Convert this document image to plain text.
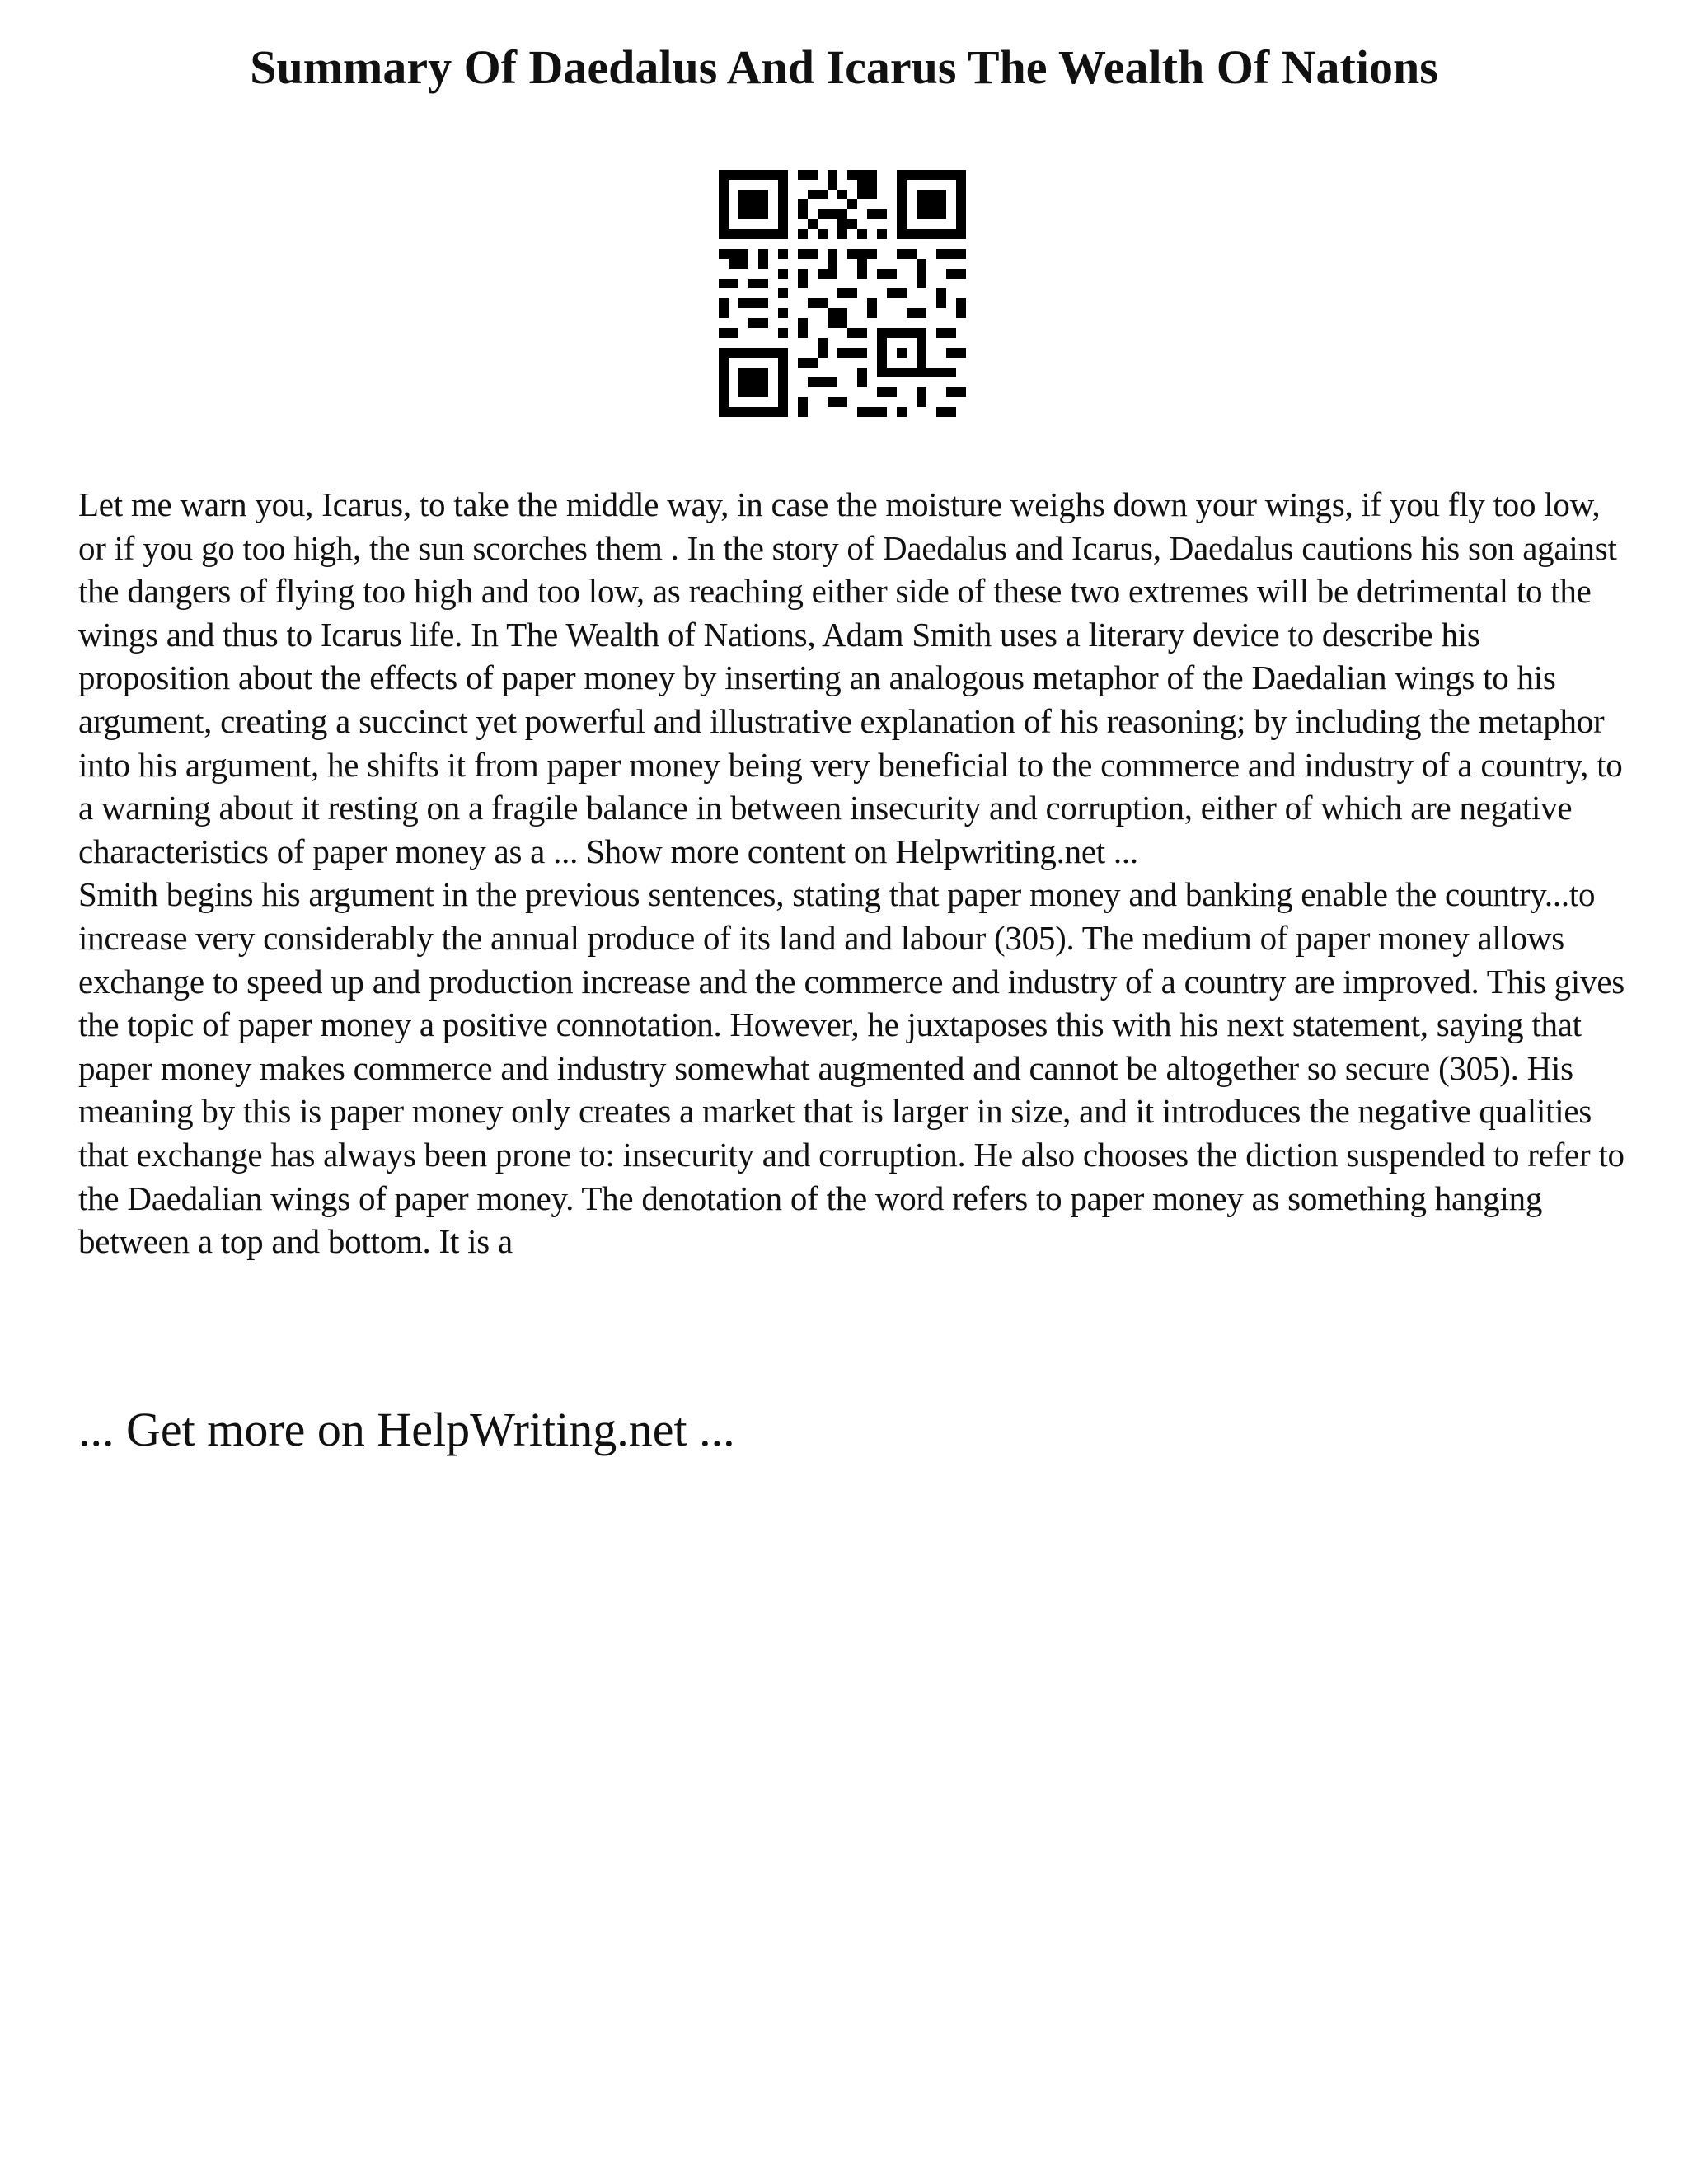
Summary Of Daedalus And Icarus The Wealth Of Nations

Let me warn you, Icarus, to take the middle way, in case the moisture weighs down your wings, if you fly too low, or if you go too high, the sun scorches them . In the story of Daedalus and Icarus, Daedalus cautions his son against the dangers of flying too high and too low, as reaching either side of these two extremes will be detrimental to the wings and thus to Icarus life. In The Wealth of Nations, Adam Smith uses a literary device to describe his proposition about the effects of paper money by inserting an analogous metaphor of the Daedalian wings to his argument, creating a succinct yet powerful and illustrative explanation of his reasoning; by including the metaphor into his argument, he shifts it from paper money being very beneficial to the commerce and industry of a country, to a warning about it resting on a fragile balance in between insecurity and corruption, either of which are negative characteristics of paper money as a ... Show more content on Helpwriting.net ...

Smith begins his argument in the previous sentences, stating that paper money and banking enable the country...to increase very considerably the annual produce of its land and labour (305). The medium of paper money allows exchange to speed up and production increase and the commerce and industry of a country are improved. This gives the topic of paper money a positive connotation. However, he juxtaposes this with his next statement, saying that paper money makes commerce and industry somewhat augmented and cannot be altogether so secure (305). His meaning by this is paper money only creates a market that is larger in size, and it introduces the negative qualities that exchange has always been prone to: insecurity and corruption. He also chooses the diction suspended to refer to the Daedalian wings of paper money. The denotation of the word refers to paper money as something hanging between a top and bottom. It is a

... Get more on HelpWriting.net ...
